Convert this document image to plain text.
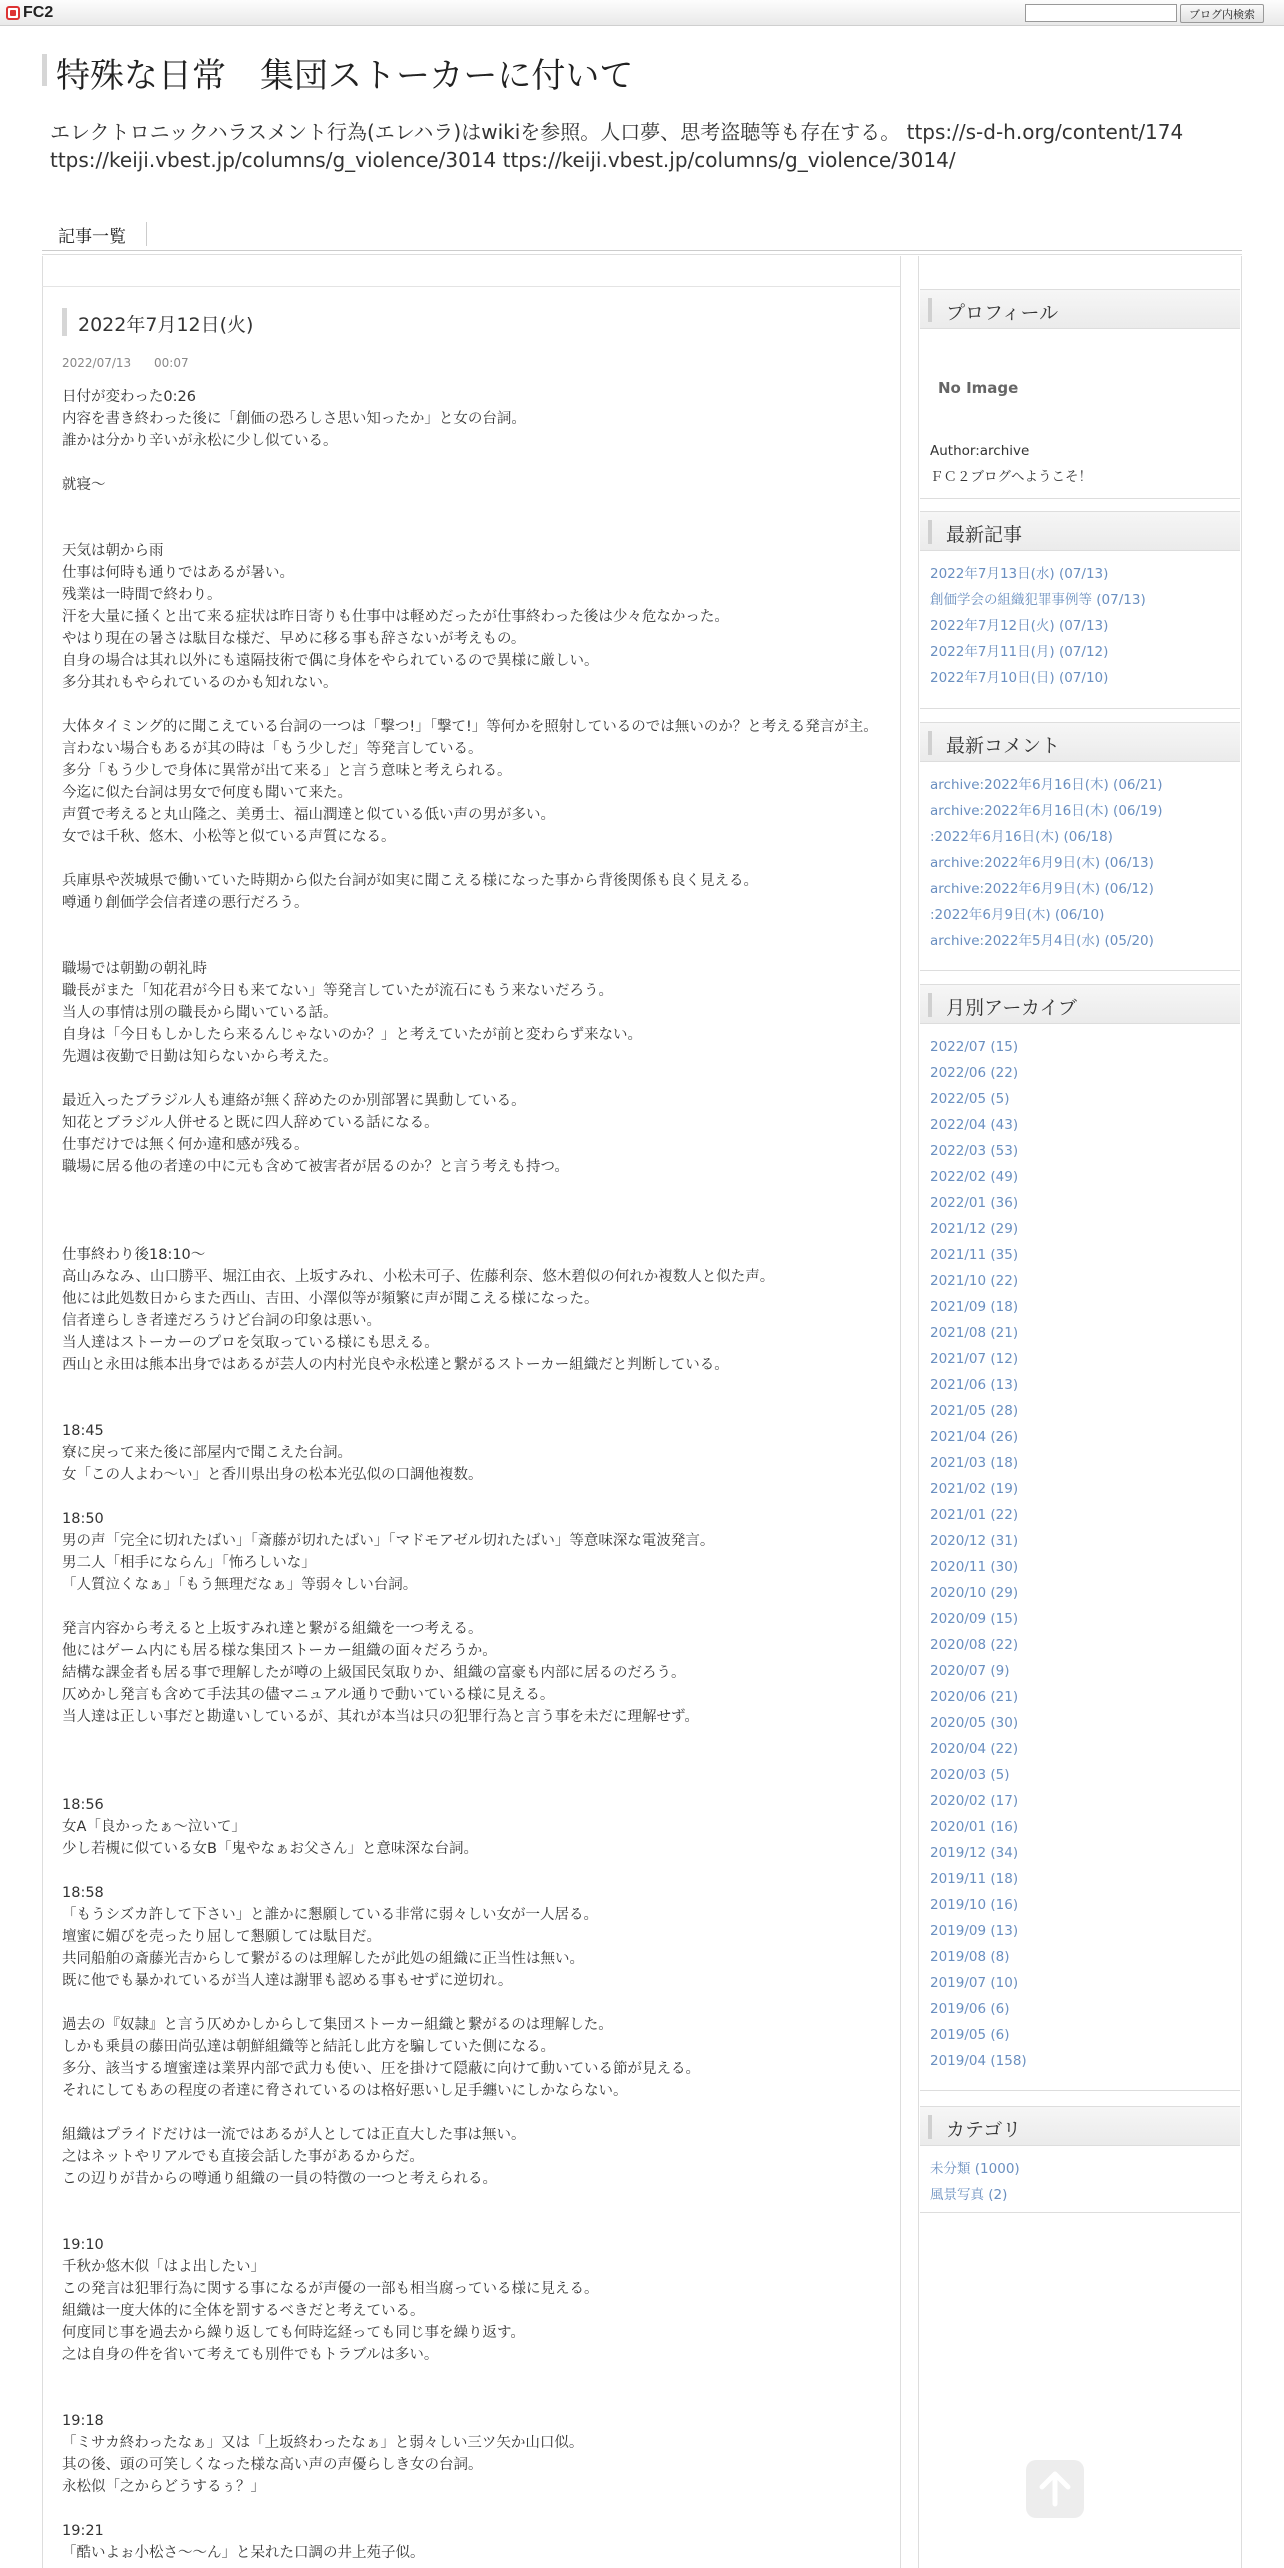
FC2	ブログ内検索
特殊な日常　集団ストーカーに付いて
エレクトロニックハラスメント行為(エレハラ)はwikiを参照。人口夢、思考盗聴等も存在する。 ttps://s-d-h.org/content/174 ttps://keiji.vbest.jp/columns/g_violence/3014 ttps://keiji.vbest.jp/columns/g_violence/3014/
記事一覧
2022年7月12日(火)
2022/07/13 00:07
日付が変わった0:26
内容を書き終わった後に「創価の恐ろしさ思い知ったか」と女の台詞。
誰かは分かり辛いが永松に少し似ている。
就寝～
天気は朝から雨
仕事は何時も通りではあるが暑い。
残業は一時間で終わり。
汗を大量に掻くと出て来る症状は昨日寄りも仕事中は軽めだったが仕事終わった後は少々危なかった。
やはり現在の暑さは駄目な様だ、早めに移る事も辞さないが考えもの。
自身の場合は其れ以外にも遠隔技術で偶に身体をやられているので異様に厳しい。
多分其れもやられているのかも知れない。
大体タイミング的に聞こえている台詞の一つは「撃つ!」「撃て!」等何かを照射しているのでは無いのか？と考える発言が主。
言わない場合もあるが其の時は「もう少しだ」等発言している。
多分「もう少しで身体に異常が出て来る」と言う意味と考えられる。
今迄に似た台詞は男女で何度も聞いて来た。
声質で考えると丸山隆之、美勇士、福山潤達と似ている低い声の男が多い。
女では千秋、悠木、小松等と似ている声質になる。
兵庫県や茨城県で働いていた時期から似た台詞が如実に聞こえる様になった事から背後関係も良く見える。
噂通り創価学会信者達の悪行だろう。
職場では朝勤の朝礼時
職長がまた「知花君が今日も来てない」等発言していたが流石にもう来ないだろう。
当人の事情は別の職長から聞いている話。
自身は「今日もしかしたら来るんじゃないのか？」と考えていたが前と変わらず来ない。
先週は夜勤で日勤は知らないから考えた。
最近入ったブラジル人も連絡が無く辞めたのか別部署に異動している。
知花とブラジル人併せると既に四人辞めている話になる。
仕事だけでは無く何か違和感が残る。
職場に居る他の者達の中に元も含めて被害者が居るのか？と言う考えも持つ。
仕事終わり後18:10～
高山みなみ、山口勝平、堀江由衣、上坂すみれ、小松未可子、佐藤利奈、悠木碧似の何れか複数人と似た声。
他には此処数日からまた西山、吉田、小澤似等が頻繁に声が聞こえる様になった。
信者達らしき者達だろうけど台詞の印象は悪い。
当人達はストーカーのプロを気取っている様にも思える。
西山と永田は熊本出身ではあるが芸人の内村光良や永松達と繋がるストーカー組織だと判断している。
18:45
寮に戻って来た後に部屋内で聞こえた台詞。
女「この人よわ～い」と香川県出身の松本光弘似の口調他複数。
18:50
男の声「完全に切れたばい」「斎藤が切れたばい」「マドモアゼル切れたばい」等意味深な電波発言。
男二人「相手にならん」「怖ろしいな」
「人質泣くなぁ」「もう無理だなぁ」等弱々しい台詞。
発言内容から考えると上坂すみれ達と繋がる組織を一つ考える。
他にはゲーム内にも居る様な集団ストーカー組織の面々だろうか。
結構な課金者も居る事で理解したが噂の上級国民気取りか、組織の富豪も内部に居るのだろう。
仄めかし発言も含めて手法其の儘マニュアル通りで動いている様に見える。
当人達は正しい事だと勘違いしているが、其れが本当は只の犯罪行為と言う事を未だに理解せず。
18:56
女A「良かったぁ～泣いて」
少し若槻に似ている女B「鬼やなぁお父さん」と意味深な台詞。
18:58
「もうシズカ許して下さい」と誰かに懇願している非常に弱々しい女が一人居る。
壇蜜に媚びを売ったり屈して懇願しては駄目だ。
共同船舶の斎藤光吉からして繋がるのは理解したが此処の組織に正当性は無い。
既に他でも暴かれているが当人達は謝罪も認める事もせずに逆切れ。
過去の『奴隷』と言う仄めかしからして集団ストーカー組織と繋がるのは理解した。
しかも乗員の藤田尚弘達は朝鮮組織等と結託し此方を騙していた側になる。
多分、該当する壇蜜達は業界内部で武力も使い、圧を掛けて隠蔽に向けて動いている節が見える。
それにしてもあの程度の者達に脅されているのは格好悪いし足手纏いにしかならない。
組織はプライドだけは一流ではあるが人としては正直大した事は無い。
之はネットやリアルでも直接会話した事があるからだ。
この辺りが昔からの噂通り組織の一員の特徴の一つと考えられる。
19:10
千秋か悠木似「はよ出したい」
この発言は犯罪行為に関する事になるが声優の一部も相当腐っている様に見える。
組織は一度大体的に全体を罰するべきだと考えている。
何度同じ事を過去から繰り返しても何時迄経っても同じ事を繰り返す。
之は自身の件を省いて考えても別件でもトラブルは多い。
19:18
「ミサカ終わったなぁ」又は「上坂終わったなぁ」と弱々しい三ツ矢か山口似。
其の後、頭の可笑しくなった様な高い声の声優らしき女の台詞。
永松似「之からどうするぅ？」
19:21
「酷いよぉ小松さ～～ん」と呆れた口調の井上苑子似。
プロフィール
No Image
Author:archive
ＦＣ２ブログへようこそ！
最新記事
2022年7月13日(水) (07/13)
創価学会の組織犯罪事例等 (07/13)
2022年7月12日(火) (07/13)
2022年7月11日(月) (07/12)
2022年7月10日(日) (07/10)
最新コメント
archive:2022年6月16日(木) (06/21)
archive:2022年6月16日(木) (06/19)
:2022年6月16日(木) (06/18)
archive:2022年6月9日(木) (06/13)
archive:2022年6月9日(木) (06/12)
:2022年6月9日(木) (06/10)
archive:2022年5月4日(水) (05/20)
月別アーカイブ
2022/07 (15)
2022/06 (22)
2022/05 (5)
2022/04 (43)
2022/03 (53)
2022/02 (49)
2022/01 (36)
2021/12 (29)
2021/11 (35)
2021/10 (22)
2021/09 (18)
2021/08 (21)
2021/07 (12)
2021/06 (13)
2021/05 (28)
2021/04 (26)
2021/03 (18)
2021/02 (19)
2021/01 (22)
2020/12 (31)
2020/11 (30)
2020/10 (29)
2020/09 (15)
2020/08 (22)
2020/07 (9)
2020/06 (21)
2020/05 (30)
2020/04 (22)
2020/03 (5)
2020/02 (17)
2020/01 (16)
2019/12 (34)
2019/11 (18)
2019/10 (16)
2019/09 (13)
2019/08 (8)
2019/07 (10)
2019/06 (6)
2019/05 (6)
2019/04 (158)
カテゴリ
未分類 (1000)
風景写真 (2)
